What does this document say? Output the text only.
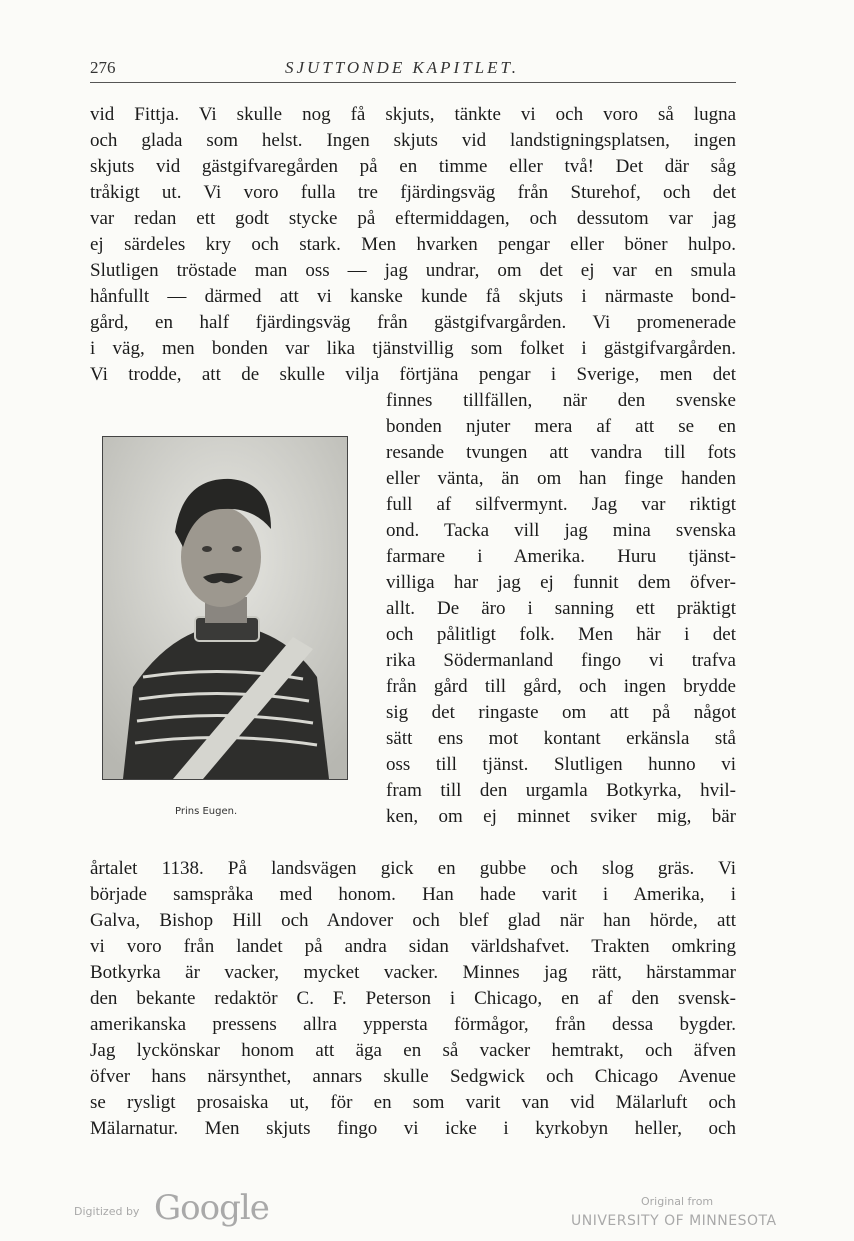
276	SJUTTONDE KAPITLET.
vid Fittja. Vi skulle nog få skjuts, tänkte vi och voro så lugna
och glada som helst. Ingen skjuts vid landstigningsplatsen, ingen
skjuts vid gästgifvaregården på en timme eller två! Det där såg
tråkigt ut. Vi voro fulla tre fjärdingsväg från Sturehof, och det
var redan ett godt stycke på eftermiddagen, och dessutom var jag
ej särdeles kry och stark. Men hvarken pengar eller böner hulpo.
Slutligen tröstade man oss — jag undrar, om det ej var en smula
hånfullt — därmed att vi kanske kunde få skjuts i närmaste bond-
gård, en half fjärdingsväg från gästgifvargården. Vi promenerade
i väg, men bonden var lika tjänstvillig som folket i gästgifvargården.
Vi trodde, att de skulle vilja förtjäna pengar i Sverige, men det
finnes tillfällen, när den svenske
bonden njuter mera af att se en
resande tvungen att vandra till fots
eller vänta, än om han finge handen
full af silfvermynt. Jag var riktigt
ond. Tacka vill jag mina svenska
farmare i Amerika. Huru tjänst-
villiga har jag ej funnit dem öfver-
allt. De äro i sanning ett präktigt
och pålitligt folk. Men här i det
rika Södermanland fingo vi trafva
från gård till gård, och ingen brydde
sig det ringaste om att på något
sätt ens mot kontant erkänsla stå
oss till tjänst. Slutligen hunno vi
fram till den urgamla Botkyrka, hvil-
ken, om ej minnet sviker mig, bär
Prins Eugen.
årtalet 1138. På landsvägen gick en gubbe och slog gräs. Vi
började samspråka med honom. Han hade varit i Amerika, i
Galva, Bishop Hill och Andover och blef glad när han hörde, att
vi voro från landet på andra sidan världshafvet. Trakten omkring
Botkyrka är vacker, mycket vacker. Minnes jag rätt, härstammar
den bekante redaktör C. F. Peterson i Chicago, en af den svensk-
amerikanska pressens allra yppersta förmågor, från dessa bygder.
Jag lyckönskar honom att äga en så vacker hemtrakt, och äfven
öfver hans närsynthet, annars skulle Sedgwick och Chicago Avenue
se rysligt prosaiska ut, för en som varit van vid Mälarluft och
Mälarnatur. Men skjuts fingo vi icke i kyrkobyn heller, och
Digitized by Google	Original from
UNIVERSITY OF MINNESOTA
